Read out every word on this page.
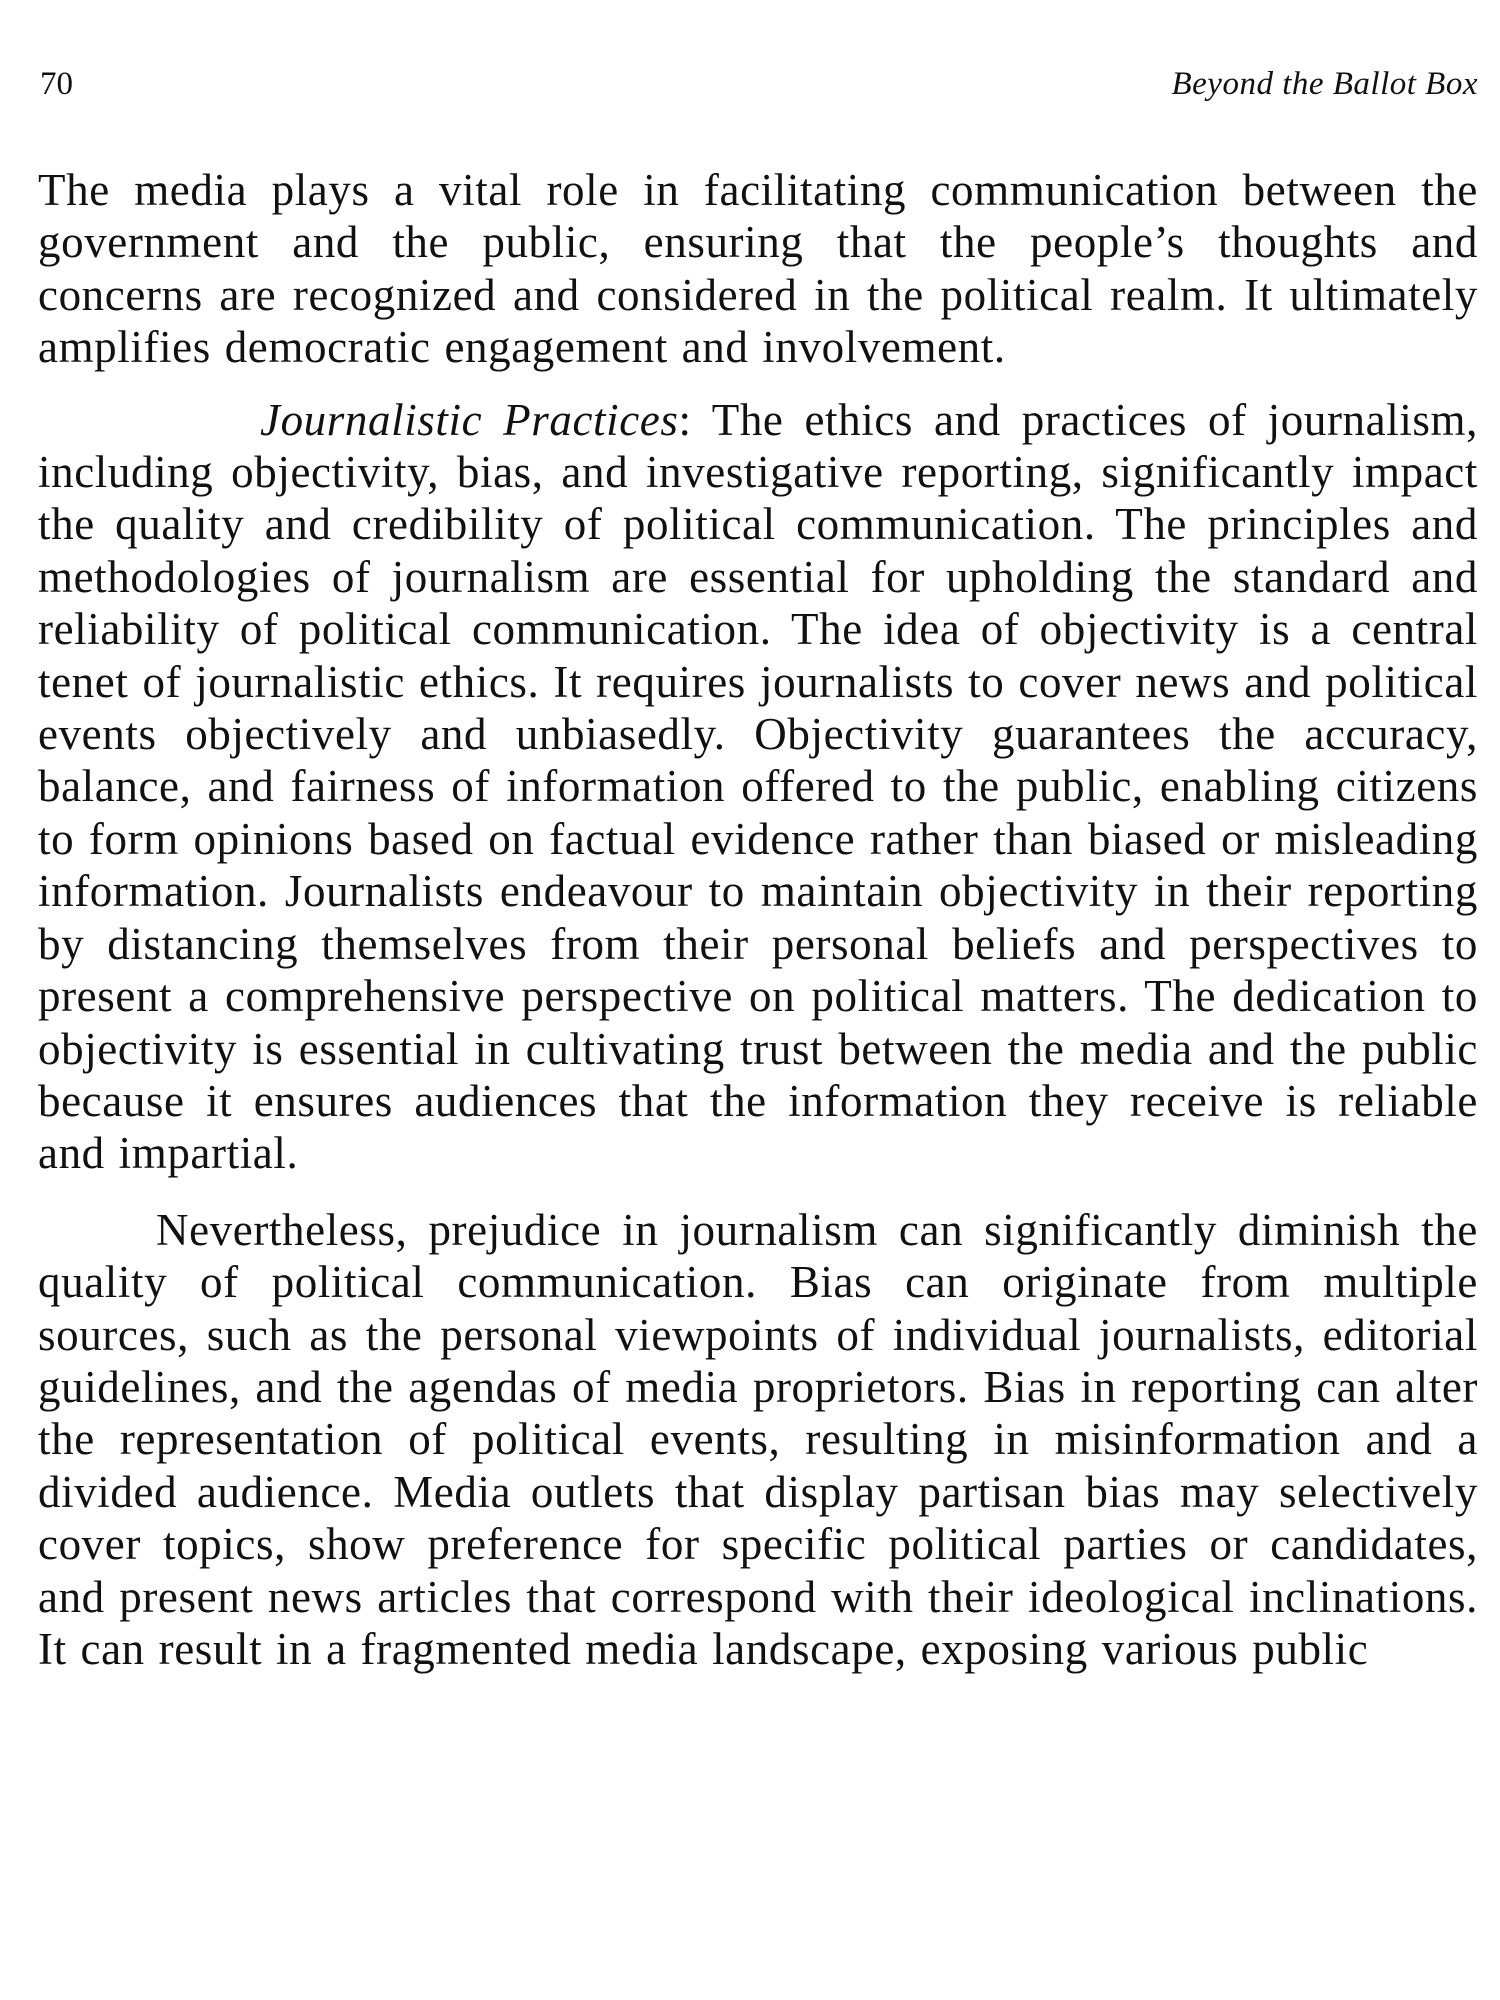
70	Beyond the Ballot Box

The media plays a vital role in facilitating communication between the government and the public, ensuring that the people’s thoughts and concerns are recognized and considered in the political realm. It ultimately amplifies democratic engagement and involvement.

Journalistic Practices: The ethics and practices of journalism, including objectivity, bias, and investigative reporting, significantly impact the quality and credibility of political communication. The principles and methodologies of journalism are essential for upholding the standard and reliability of political communication. The idea of objectivity is a central tenet of journalistic ethics. It requires journalists to cover news and political events objectively and unbiasedly. Objectivity guarantees the accuracy, balance, and fairness of information offered to the public, enabling citizens to form opinions based on factual evidence rather than biased or misleading information. Journalists endeavour to maintain objectivity in their reporting by distancing themselves from their personal beliefs and perspectives to present a comprehensive perspective on political matters. The dedication to objectivity is essential in cultivating trust between the media and the public because it ensures audiences that the information they receive is reliable and impartial.

Nevertheless, prejudice in journalism can significantly diminish the quality of political communication. Bias can originate from multiple sources, such as the personal viewpoints of individual journalists, editorial guidelines, and the agendas of media proprietors. Bias in reporting can alter the representation of political events, resulting in misinformation and a divided audience. Media outlets that display partisan bias may selectively cover topics, show preference for specific political parties or candidates, and present news articles that correspond with their ideological inclinations. It can result in a fragmented media landscape, exposing various public
